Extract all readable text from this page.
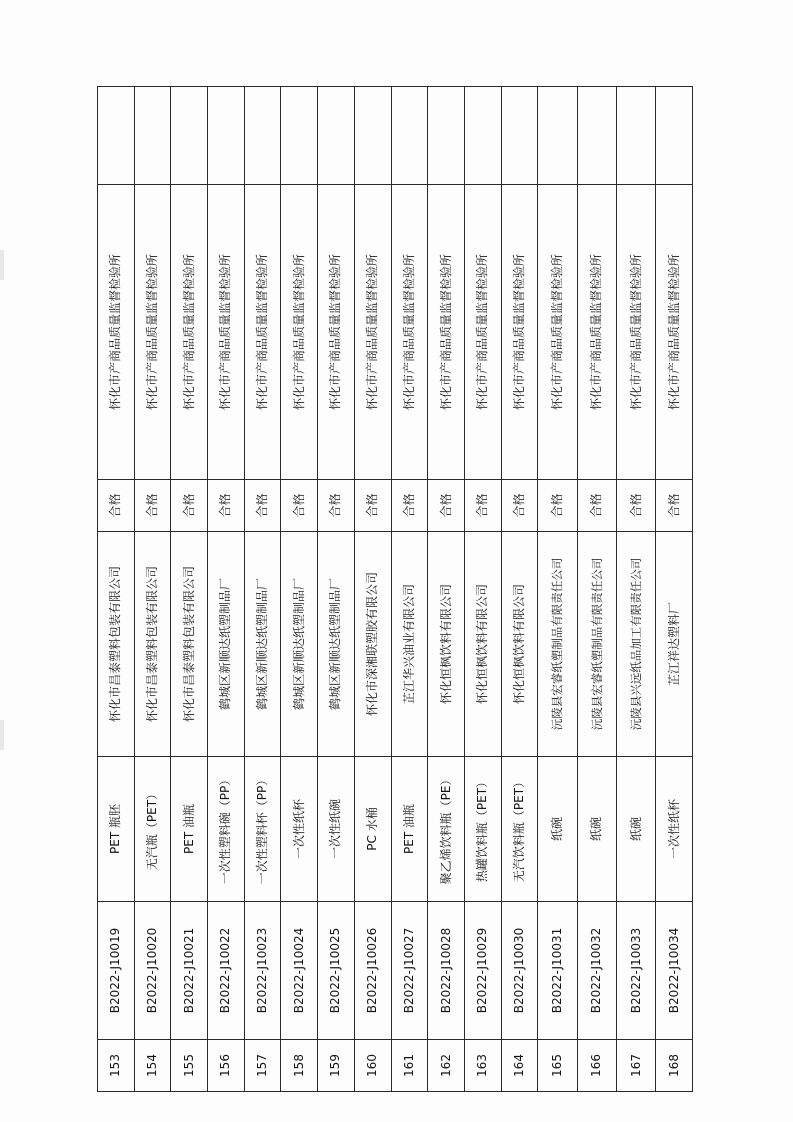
153	B2022-J10019	PET 瓶胚	怀化市昌泰塑料包装有限公司	合格	怀化市产商品质量监督检验所	
154	B2022-J10020	无汽瓶（PET）	怀化市昌泰塑料包装有限公司	合格	怀化市产商品质量监督检验所	
155	B2022-J10021	PET 油瓶	怀化市昌泰塑料包装有限公司	合格	怀化市产商品质量监督检验所	
156	B2022-J10022	一次性塑料碗（PP）	鹤城区新顺达纸塑制品厂	合格	怀化市产商品质量监督检验所	
157	B2022-J10023	一次性塑料杯（PP）	鹤城区新顺达纸塑制品厂	合格	怀化市产商品质量监督检验所	
158	B2022-J10024	一次性纸杯	鹤城区新顺达纸塑制品厂	合格	怀化市产商品质量监督检验所	
159	B2022-J10025	一次性纸碗	鹤城区新顺达纸塑制品厂	合格	怀化市产商品质量监督检验所	
160	B2022-J10026	PC 水桶	怀化市深湘联塑胶有限公司	合格	怀化市产商品质量监督检验所	
161	B2022-J10027	PET 油瓶	芷江华兴油业有限公司	合格	怀化市产商品质量监督检验所	
162	B2022-J10028	聚乙烯饮料瓶（PE）	怀化恒枫饮料有限公司	合格	怀化市产商品质量监督检验所	
163	B2022-J10029	热罐饮料瓶（PET）	怀化恒枫饮料有限公司	合格	怀化市产商品质量监督检验所	
164	B2022-J10030	无汽饮料瓶（PET）	怀化恒枫饮料有限公司	合格	怀化市产商品质量监督检验所	
165	B2022-J10031	纸碗	沅陵县宏睿纸塑制品有限责任公司	合格	怀化市产商品质量监督检验所	
166	B2022-J10032	纸碗	沅陵县宏睿纸塑制品有限责任公司	合格	怀化市产商品质量监督检验所	
167	B2022-J10033	纸碗	沅陵县兴远纸品加工有限责任公司	合格	怀化市产商品质量监督检验所	
168	B2022-J10034	一次性纸杯	芷江祥达塑料厂	合格	怀化市产商品质量监督检验所	
